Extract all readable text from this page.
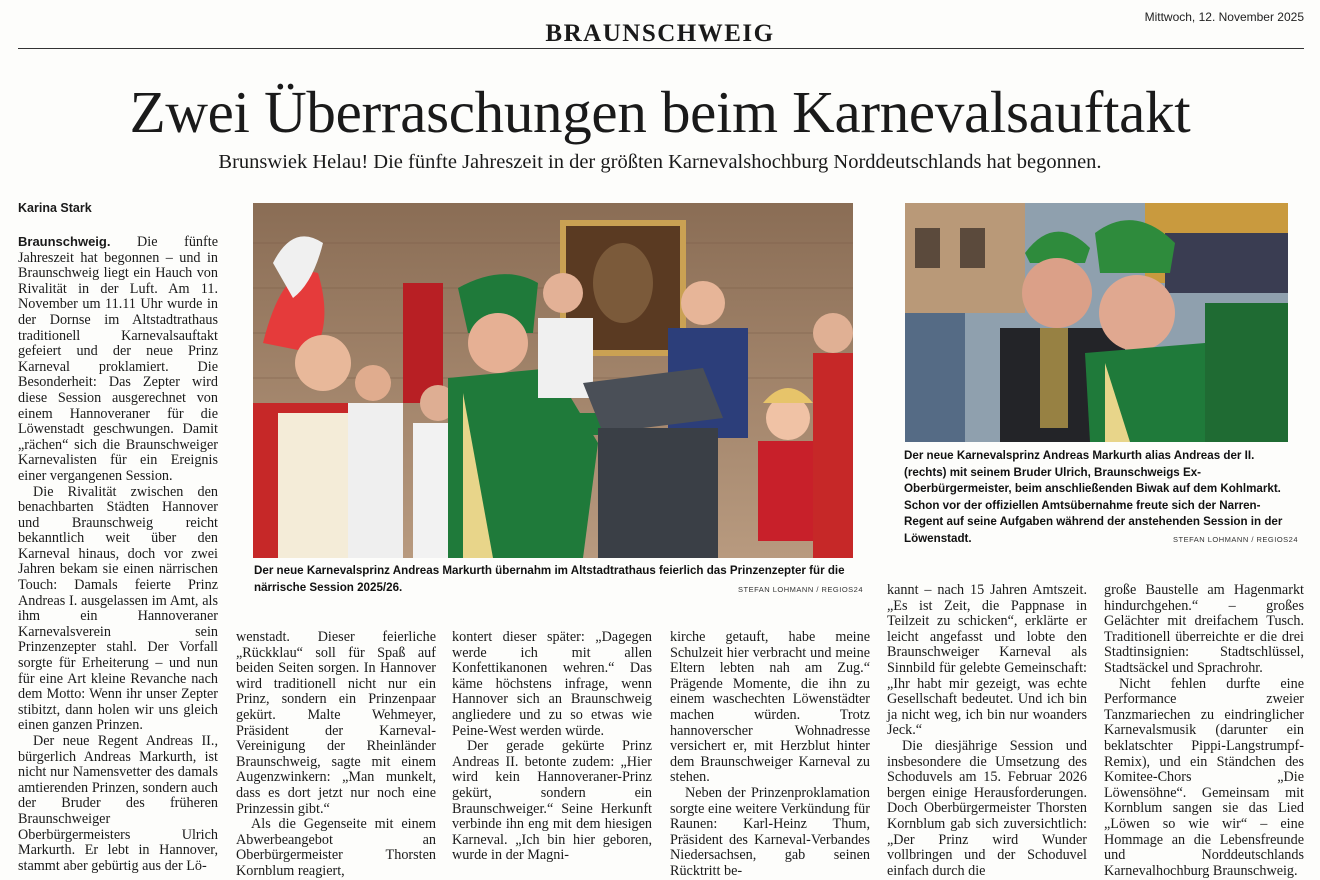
BRAUNSCHWEIG
Mittwoch, 12. November 2025
Zwei Überraschungen beim Karnevalsauftakt
Brunswiek Helau! Die fünfte Jahreszeit in der größten Karnevalshochburg Norddeutschlands hat begonnen.
Karina Stark

Braunschweig. Die fünfte Jahreszeit hat begonnen – und in Braunschweig liegt ein Hauch von Rivalität in der Luft. Am 11. November um 11.11 Uhr wurde in der Dornse im Altstadtrathaus traditionell Karnevalsauftakt gefeiert und der neue Prinz Karneval proklamiert. Die Besonderheit: Das Zepter wird diese Session ausgerechnet von einem Hannoveraner für die Löwenstadt geschwungen. Damit „rächen“ sich die Braunschweiger Karnevalisten für ein Ereignis einer vergangenen Session.

Die Rivalität zwischen den benachbarten Städten Hannover und Braunschweig reicht bekanntlich weit über den Karneval hinaus, doch vor zwei Jahren bekam sie einen närrischen Touch: Damals feierte Prinz Andreas I. ausgelassen im Amt, als ihm ein Hannoveraner Karnevalsverein sein Prinzenzepter stahl. Der Vorfall sorgte für Erheiterung – und nun für eine Art kleine Revanche nach dem Motto: Wenn ihr unser Zepter stibitzt, dann holen wir uns gleich einen ganzen Prinzen.

Der neue Regent Andreas II., bürgerlich Andreas Markurth, ist nicht nur Namensvetter des damals amtierenden Prinzen, sondern auch der Bruder des früheren Braunschweiger Oberbürgermeisters Ulrich Markurth. Er lebt in Hannover, stammt aber gebürtig aus der Lö-

Der neue Karnevalsprinz Andreas Markurth übernahm im Altstadtrathaus feierlich das Prinzenzepter für die närrische Session 2025/26.	STEFAN LOHMANN / REGIOS24
Der neue Karnevalsprinz Andreas Markurth alias Andreas der II. (rechts) mit seinem Bruder Ulrich, Braunschweigs Ex-Oberbürgermeister, beim anschließenden Biwak auf dem Kohlmarkt. Schon vor der offiziellen Amtsübernahme freute sich der Narren-Regent auf seine Aufgaben während der anstehenden Session in der Löwenstadt.	STEFAN LOHMANN / REGIOS24

wenstadt. Dieser feierliche „Rückklau“ soll für Spaß auf beiden Seiten sorgen. In Hannover wird traditionell nicht nur ein Prinz, sondern ein Prinzenpaar gekürt. Malte Wehmeyer, Präsident der Karneval-Vereinigung der Rheinländer Braunschweig, sagte mit einem Augenzwinkern: „Man munkelt, dass es dort jetzt nur noch eine Prinzessin gibt.“

Als die Gegenseite mit einem Abwerbeangebot an Oberbürgermeister Thorsten Kornblum reagiert,

kontert dieser später: „Dagegen werde ich mit allen Konfettikanonen wehren.“ Das käme höchstens infrage, wenn Hannover sich an Braunschweig angliedere und zu so etwas wie Peine-West werden würde.

Der gerade gekürte Prinz Andreas II. betonte zudem: „Hier wird kein Hannoveraner-Prinz gekürt, sondern ein Braunschweiger.“ Seine Herkunft verbinde ihn eng mit dem hiesigen Karneval. „Ich bin hier geboren, wurde in der Magni-

kirche getauft, habe meine Schulzeit hier verbracht und meine Eltern lebten nah am Zug.“ Prägende Momente, die ihn zu einem waschechten Löwenstädter machen würden. Trotz hannoverscher Wohnadresse versichert er, mit Herzblut hinter dem Braunschweiger Karneval zu stehen.

Neben der Prinzenproklamation sorgte eine weitere Verkündung für Raunen: Karl-Heinz Thum, Präsident des Karneval-Verbandes Niedersachsen, gab seinen Rücktritt be-

kannt – nach 15 Jahren Amtszeit. „Es ist Zeit, die Pappnase in Teilzeit zu schicken“, erklärte er leicht angefasst und lobte den Braunschweiger Karneval als Sinnbild für gelebte Gemeinschaft: „Ihr habt mir gezeigt, was echte Gesellschaft bedeutet. Und ich bin ja nicht weg, ich bin nur woanders Jeck.“

Die diesjährige Session und insbesondere die Umsetzung des Schoduvels am 15. Februar 2026 bergen einige Herausforderungen. Doch Oberbürgermeister Thorsten Kornblum gab sich zuversichtlich: „Der Prinz wird Wunder vollbringen und der Schoduvel einfach durch die

große Baustelle am Hagenmarkt hindurchgehen.“ – großes Gelächter mit dreifachem Tusch. Traditionell überreichte er die drei Stadtinsignien: Stadtschlüssel, Stadtsäckel und Sprachrohr.

Nicht fehlen durfte eine Performance zweier Tanzmariechen zu eindringlicher Karnevalsmusik (darunter ein beklatschter Pippi-Langstrumpf-Remix), und ein Ständchen des Komitee-Chors „Die Löwensöhne“. Gemeinsam mit Kornblum sangen sie das Lied „Löwen so wie wir“ – eine Hommage an die Lebensfreunde und Norddeutschlands Karnevalhochburg Braunschweig.
